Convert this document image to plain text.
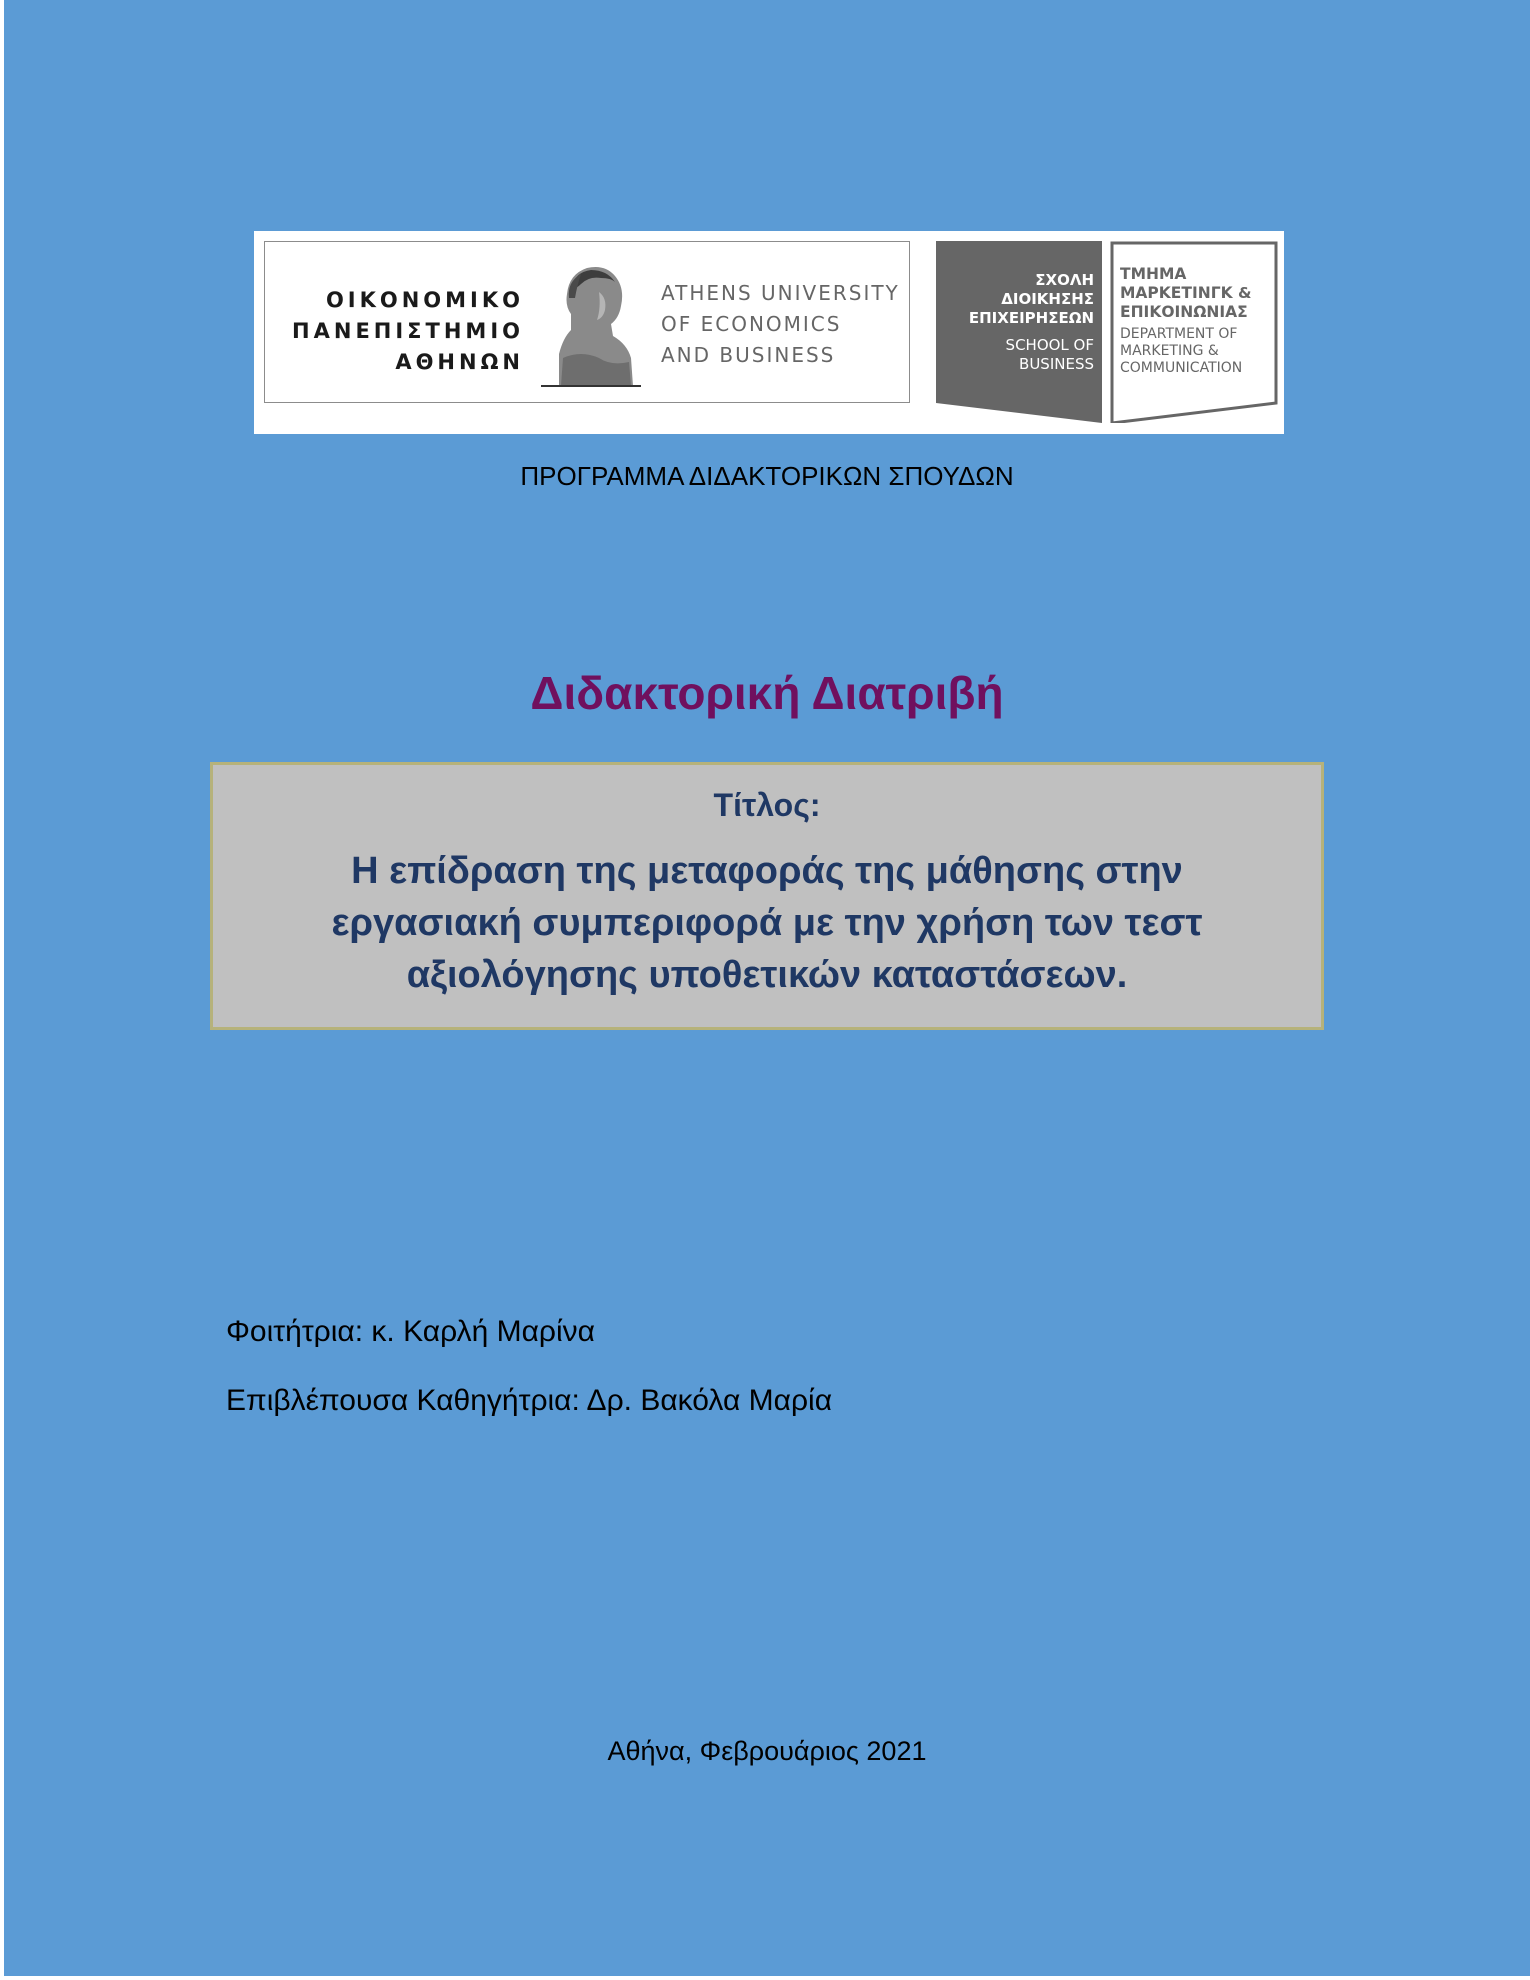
ΟΙΚΟΝΟΜΙΚΟ
ΠΑΝΕΠΙΣΤΗΜΙΟ
ΑΘΗΝΩΝ
ATHENS UNIVERSITY
OF ECONOMICS
AND BUSINESS
ΣΧΟΛΗ
ΔΙΟΙΚΗΣΗΣ
ΕΠΙΧΕΙΡΗΣΕΩΝ
SCHOOL OF
BUSINESS
ΤΜΗΜΑ
ΜΑΡΚΕΤΙΝΓΚ &
ΕΠΙΚΟΙΝΩΝΙΑΣ
DEPARTMENT OF
MARKETING &
COMMUNICATION
ΠΡΟΓΡΑΜΜΑ ΔΙΔΑΚΤΟΡΙΚΩΝ ΣΠΟΥΔΩΝ
Διδακτορική Διατριβή
Τίτλος:
Η επίδραση της μεταφοράς της μάθησης στην
εργασιακή συμπεριφορά με την χρήση των τεστ
αξιολόγησης υποθετικών καταστάσεων.
Φοιτήτρια: κ. Καρλή Μαρίνα
Επιβλέπουσα Καθηγήτρια: Δρ. Βακόλα Μαρία
Αθήνα, Φεβρουάριος 2021
